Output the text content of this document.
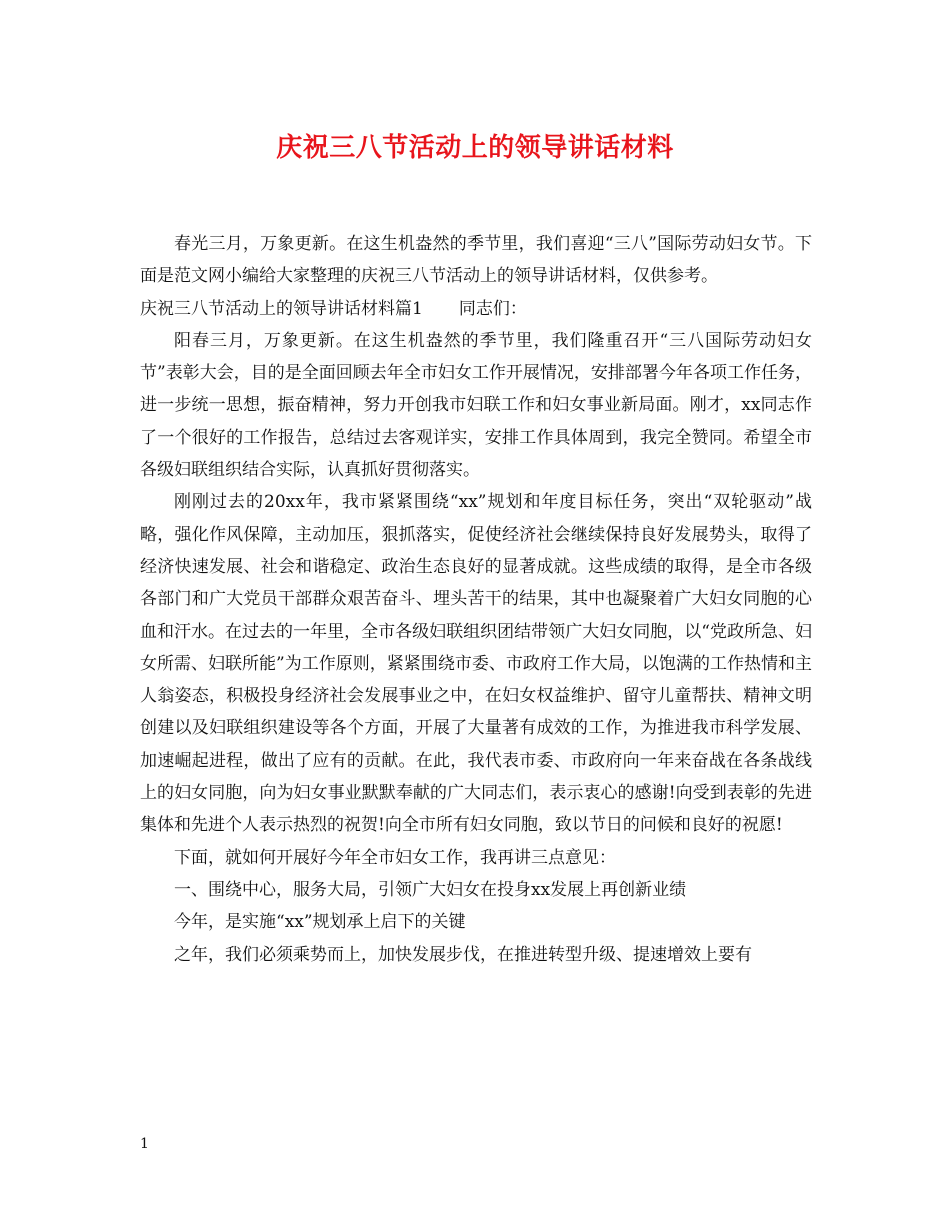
庆祝三八节活动上的领导讲话材料

春光三月，万象更新。在这生机盎然的季节里，我们喜迎“三八”国际劳动妇女节。下面是范文网小编给大家整理的庆祝三八节活动上的领导讲话材料，仅供参考。

庆祝三八节活动上的领导讲话材料篇1 同志们：

阳春三月，万象更新。在这生机盎然的季节里，我们隆重召开“三八国际劳动妇女节”表彰大会，目的是全面回顾去年全市妇女工作开展情况，安排部署今年各项工作任务，进一步统一思想，振奋精神，努力开创我市妇联工作和妇女事业新局面。刚才，xx同志作了一个很好的工作报告，总结过去客观详实，安排工作具体周到，我完全赞同。希望全市各级妇联组织结合实际，认真抓好贯彻落实。

刚刚过去的20xx年，我市紧紧围绕“xx”规划和年度目标任务，突出“双轮驱动”战略，强化作风保障，主动加压，狠抓落实，促使经济社会继续保持良好发展势头，取得了经济快速发展、社会和谐稳定、政治生态良好的显著成就。这些成绩的取得，是全市各级各部门和广大党员干部群众艰苦奋斗、埋头苦干的结果，其中也凝聚着广大妇女同胞的心血和汗水。在过去的一年里，全市各级妇联组织团结带领广大妇女同胞，以“党政所急、妇女所需、妇联所能”为工作原则，紧紧围绕市委、市政府工作大局，以饱满的工作热情和主人翁姿态，积极投身经济社会发展事业之中，在妇女权益维护、留守儿童帮扶、精神文明创建以及妇联组织建设等各个方面，开展了大量著有成效的工作，为推进我市科学发展、加速崛起进程，做出了应有的贡献。在此，我代表市委、市政府向一年来奋战在各条战线上的妇女同胞，向为妇女事业默默奉献的广大同志们，表示衷心的感谢!向受到表彰的先进集体和先进个人表示热烈的祝贺!向全市所有妇女同胞，致以节日的问候和良好的祝愿!

下面，就如何开展好今年全市妇女工作，我再讲三点意见：

一、围绕中心，服务大局，引领广大妇女在投身xx发展上再创新业绩

今年，是实施“xx”规划承上启下的关键

之年，我们必须乘势而上，加快发展步伐，在推进转型升级、提速增效上要有

1
